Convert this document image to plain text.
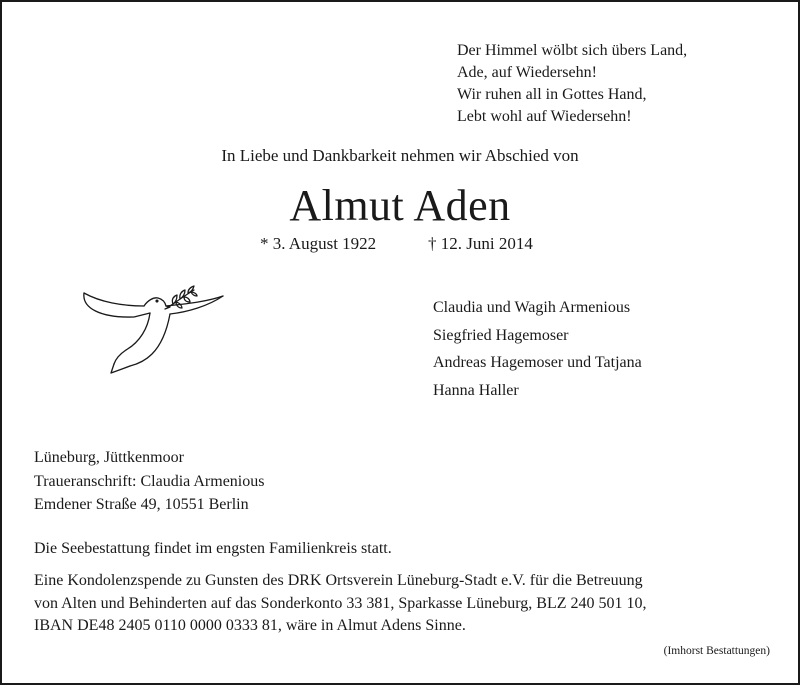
Der Himmel wölbt sich übers Land,
Ade, auf Wiedersehn!
Wir ruhen all in Gottes Hand,
Lebt wohl auf Wiedersehn!
In Liebe und Dankbarkeit nehmen wir Abschied von
Almut Aden
* 3. August 1922	† 12. Juni 2014
Claudia und Wagih Armenious
Siegfried Hagemoser
Andreas Hagemoser und Tatjana
Hanna Haller
Lüneburg, Jüttkenmoor
Traueranschrift: Claudia Armenious
Emdener Straße 49, 10551 Berlin
Die Seebestattung findet im engsten Familienkreis statt.
Eine Kondolenzspende zu Gunsten des DRK Ortsverein Lüneburg-Stadt e.V. für die Betreuung
von Alten und Behinderten auf das Sonderkonto 33 381, Sparkasse Lüneburg, BLZ 240 501 10,
IBAN DE48 2405 0110 0000 0333 81, wäre in Almut Adens Sinne.
(Imhorst Bestattungen)
